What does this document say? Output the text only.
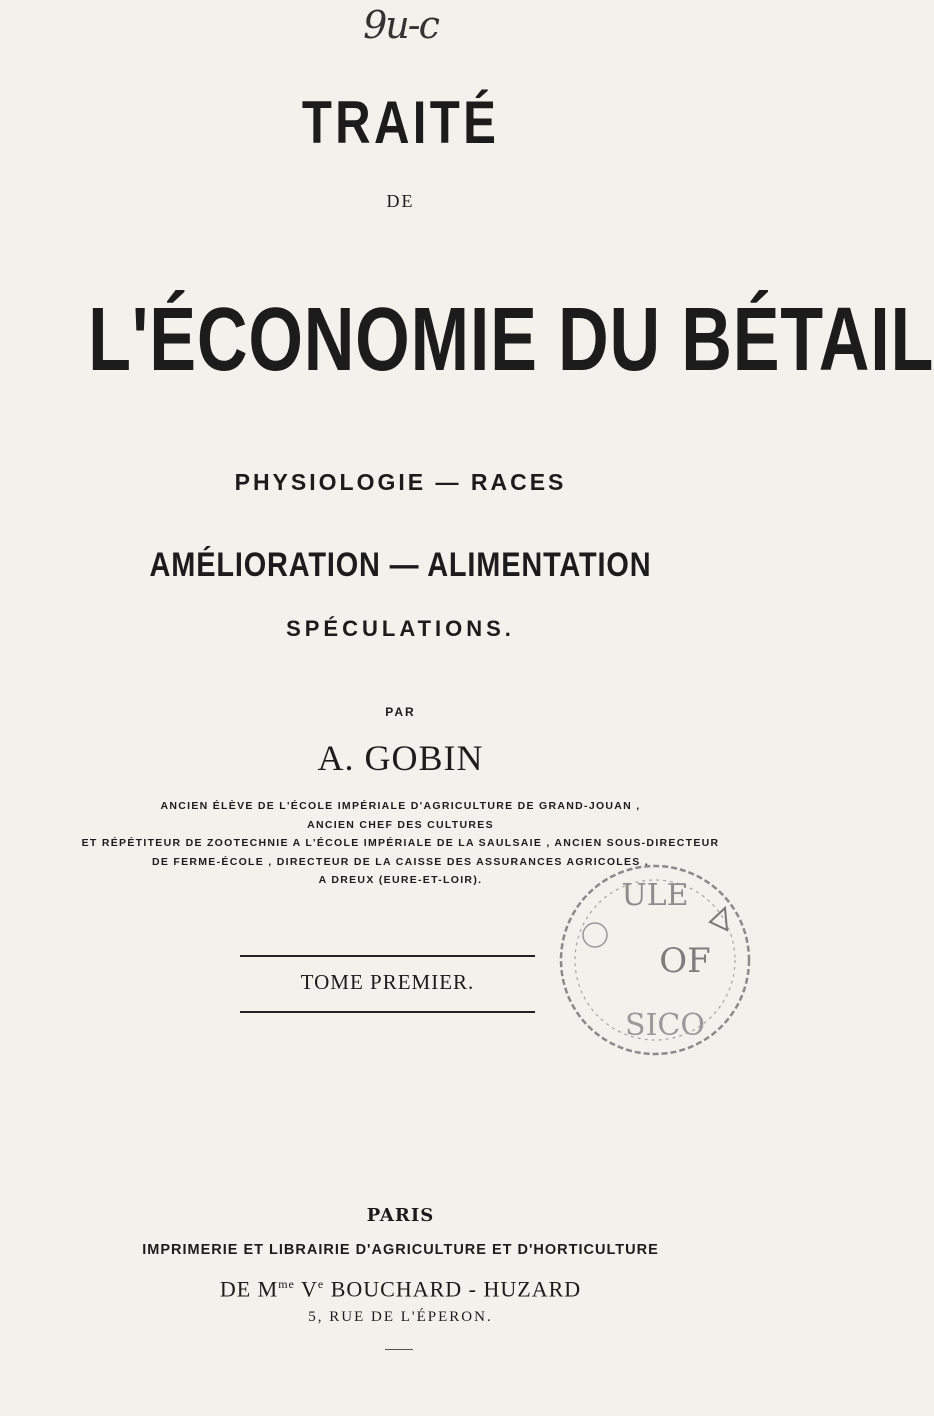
9u-c
TRAITÉ
DE
L'ÉCONOMIE DU BÉTAIL
PHYSIOLOGIE — RACES
AMÉLIORATION — ALIMENTATION
SPÉCULATIONS.
PAR
A. GOBIN
ANCIEN ÉLÈVE DE L'ÉCOLE IMPÉRIALE D'AGRICULTURE DE GRAND-JOUAN ,
ANCIEN CHEF DES CULTURES
ET RÉPÉTITEUR DE ZOOTECHNIE A L'ÉCOLE IMPÉRIALE DE LA SAULSAIE , ANCIEN SOUS-DIRECTEUR
DE FERME-ÉCOLE , DIRECTEUR DE LA CAISSE DES ASSURANCES AGRICOLES ,
A DREUX (EURE-ET-LOIR).
TOME PREMIER.
ULE
OF
SICO
PARIS
IMPRIMERIE ET LIBRAIRIE D'AGRICULTURE ET D'HORTICULTURE
DE $M^{me}$ Ve BOUCHARD - HUZARD
5, RUE DE L'ÉPERON.
